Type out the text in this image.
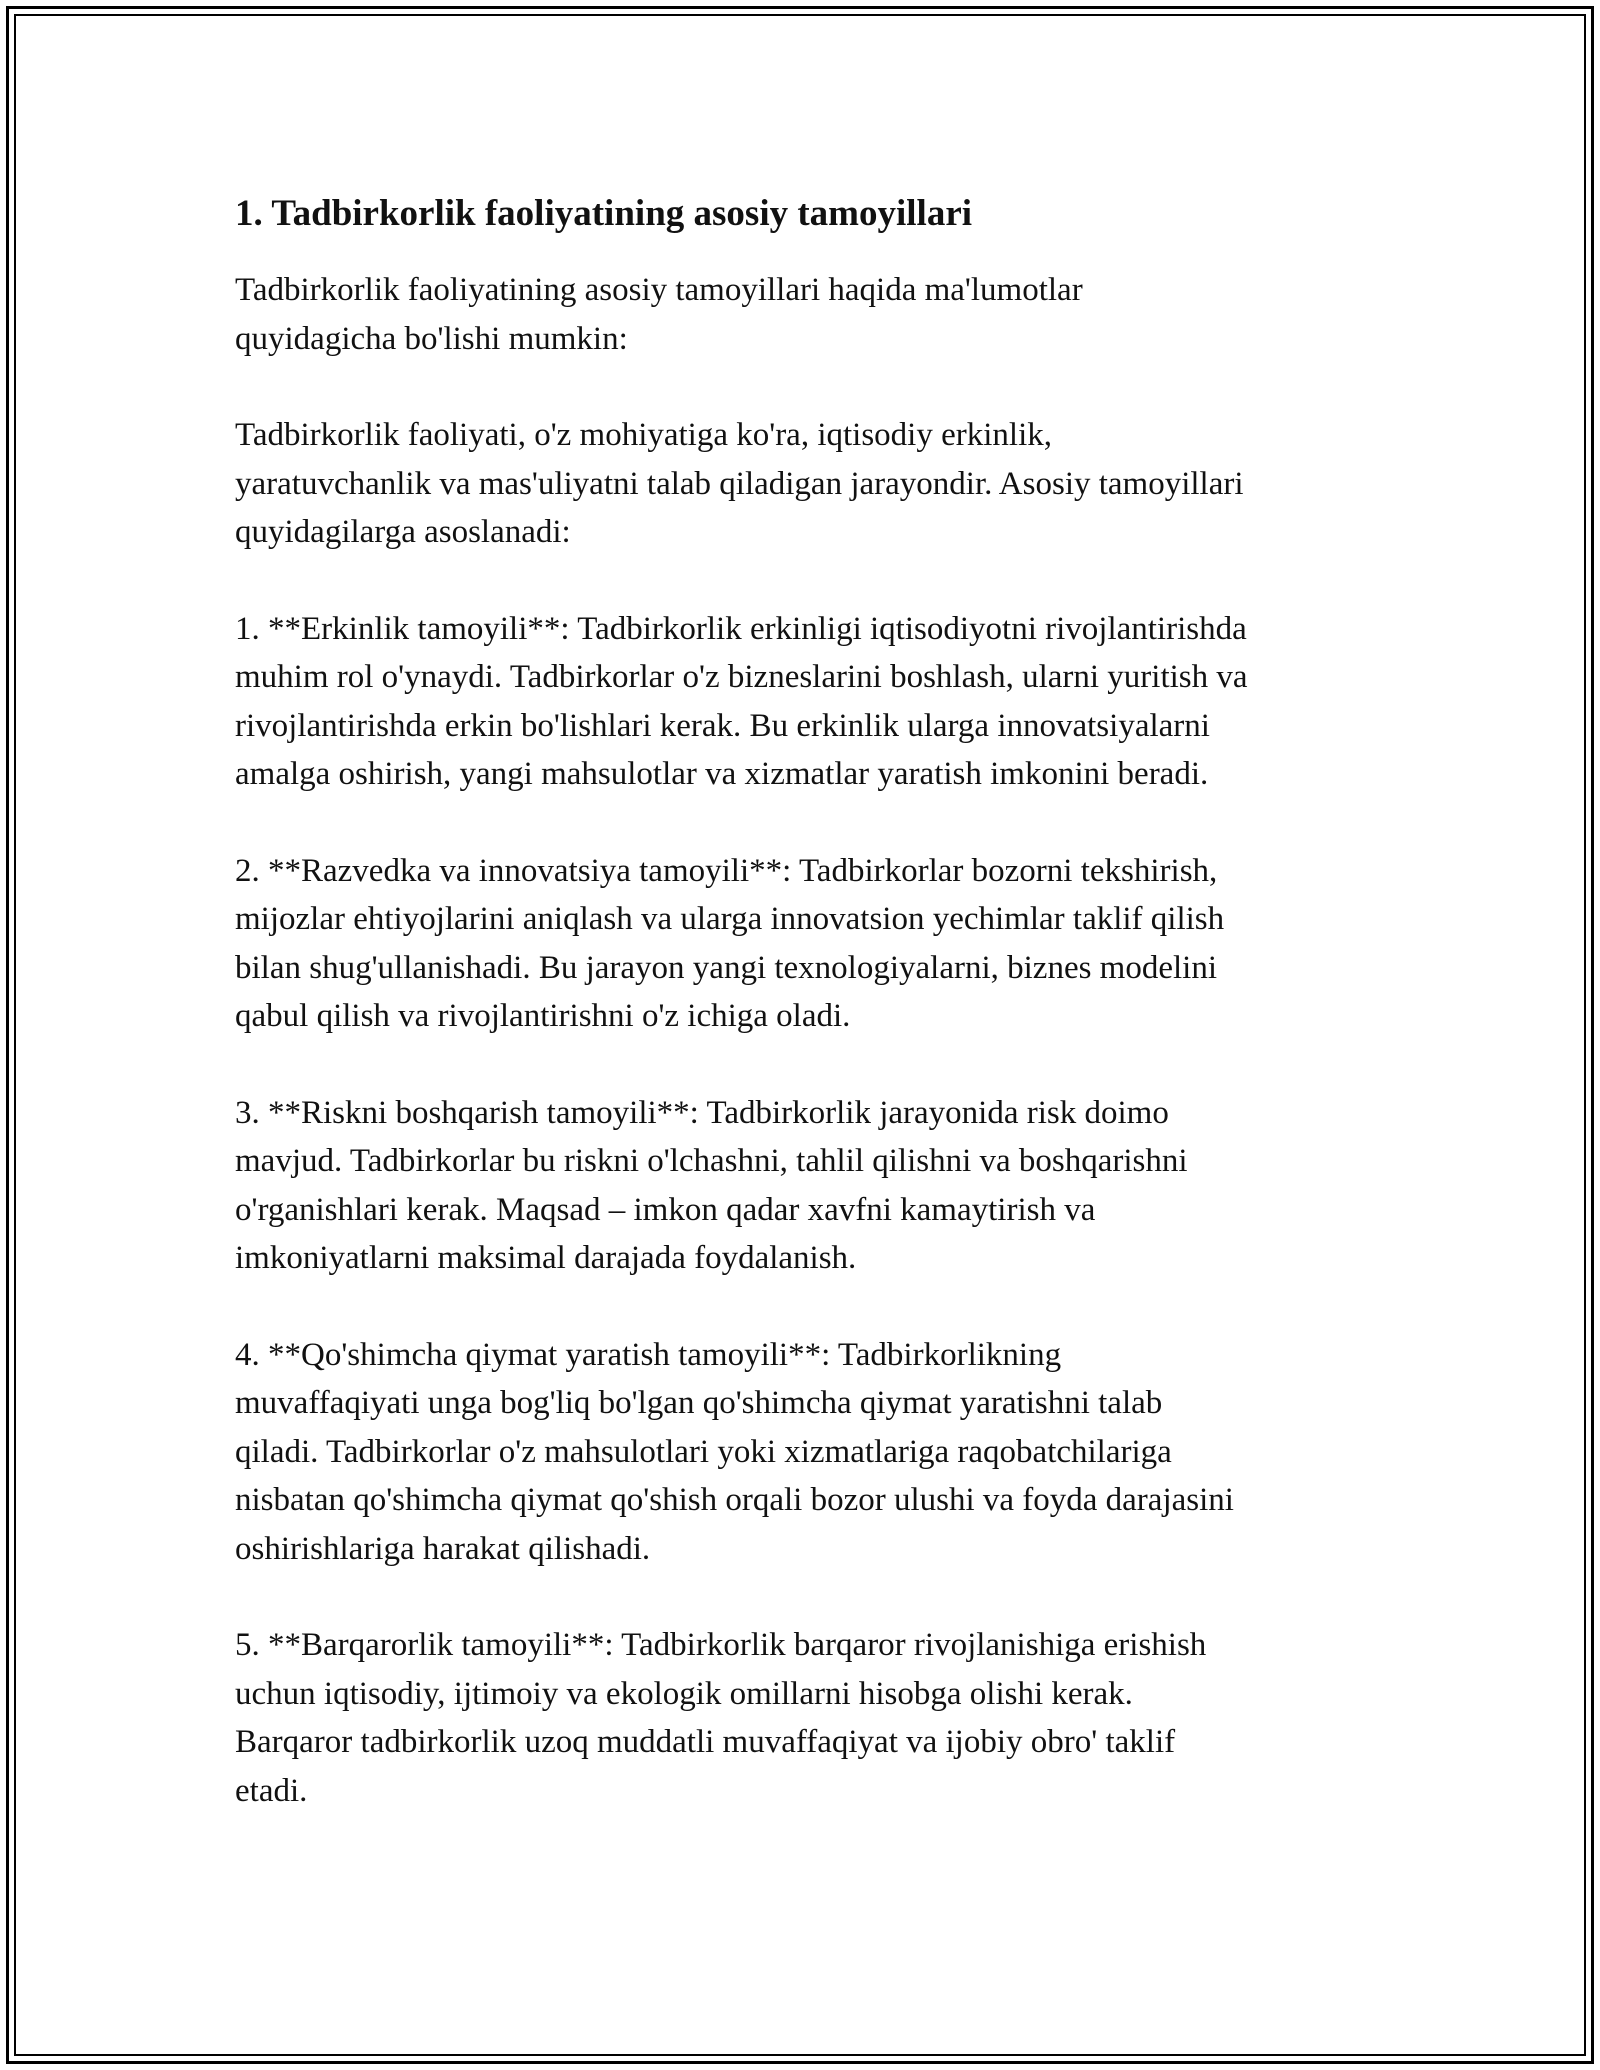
1. Tadbirkorlik faoliyatining asosiy tamoyillari

Tadbirkorlik faoliyatining asosiy tamoyillari haqida ma'lumotlar
quyidagicha bo'lishi mumkin:

Tadbirkorlik faoliyati, o'z mohiyatiga ko'ra, iqtisodiy erkinlik,
yaratuvchanlik va mas'uliyatni talab qiladigan jarayondir. Asosiy tamoyillari
quyidagilarga asoslanadi:

1. **Erkinlik tamoyili**: Tadbirkorlik erkinligi iqtisodiyotni rivojlantirishda
muhim rol o'ynaydi. Tadbirkorlar o'z bizneslarini boshlash, ularni yuritish va
rivojlantirishda erkin bo'lishlari kerak. Bu erkinlik ularga innovatsiyalarni
amalga oshirish, yangi mahsulotlar va xizmatlar yaratish imkonini beradi.

2. **Razvedka va innovatsiya tamoyili**: Tadbirkorlar bozorni tekshirish,
mijozlar ehtiyojlarini aniqlash va ularga innovatsion yechimlar taklif qilish
bilan shug'ullanishadi. Bu jarayon yangi texnologiyalarni, biznes modelini
qabul qilish va rivojlantirishni o'z ichiga oladi.

3. **Riskni boshqarish tamoyili**: Tadbirkorlik jarayonida risk doimo
mavjud. Tadbirkorlar bu riskni o'lchashni, tahlil qilishni va boshqarishni
o'rganishlari kerak. Maqsad – imkon qadar xavfni kamaytirish va
imkoniyatlarni maksimal darajada foydalanish.

4. **Qo'shimcha qiymat yaratish tamoyili**: Tadbirkorlikning
muvaffaqiyati unga bog'liq bo'lgan qo'shimcha qiymat yaratishni talab
qiladi. Tadbirkorlar o'z mahsulotlari yoki xizmatlariga raqobatchilariga
nisbatan qo'shimcha qiymat qo'shish orqali bozor ulushi va foyda darajasini
oshirishlariga harakat qilishadi.

5. **Barqarorlik tamoyili**: Tadbirkorlik barqaror rivojlanishiga erishish
uchun iqtisodiy, ijtimoiy va ekologik omillarni hisobga olishi kerak.
Barqaror tadbirkorlik uzoq muddatli muvaffaqiyat va ijobiy obro' taklif
etadi.
